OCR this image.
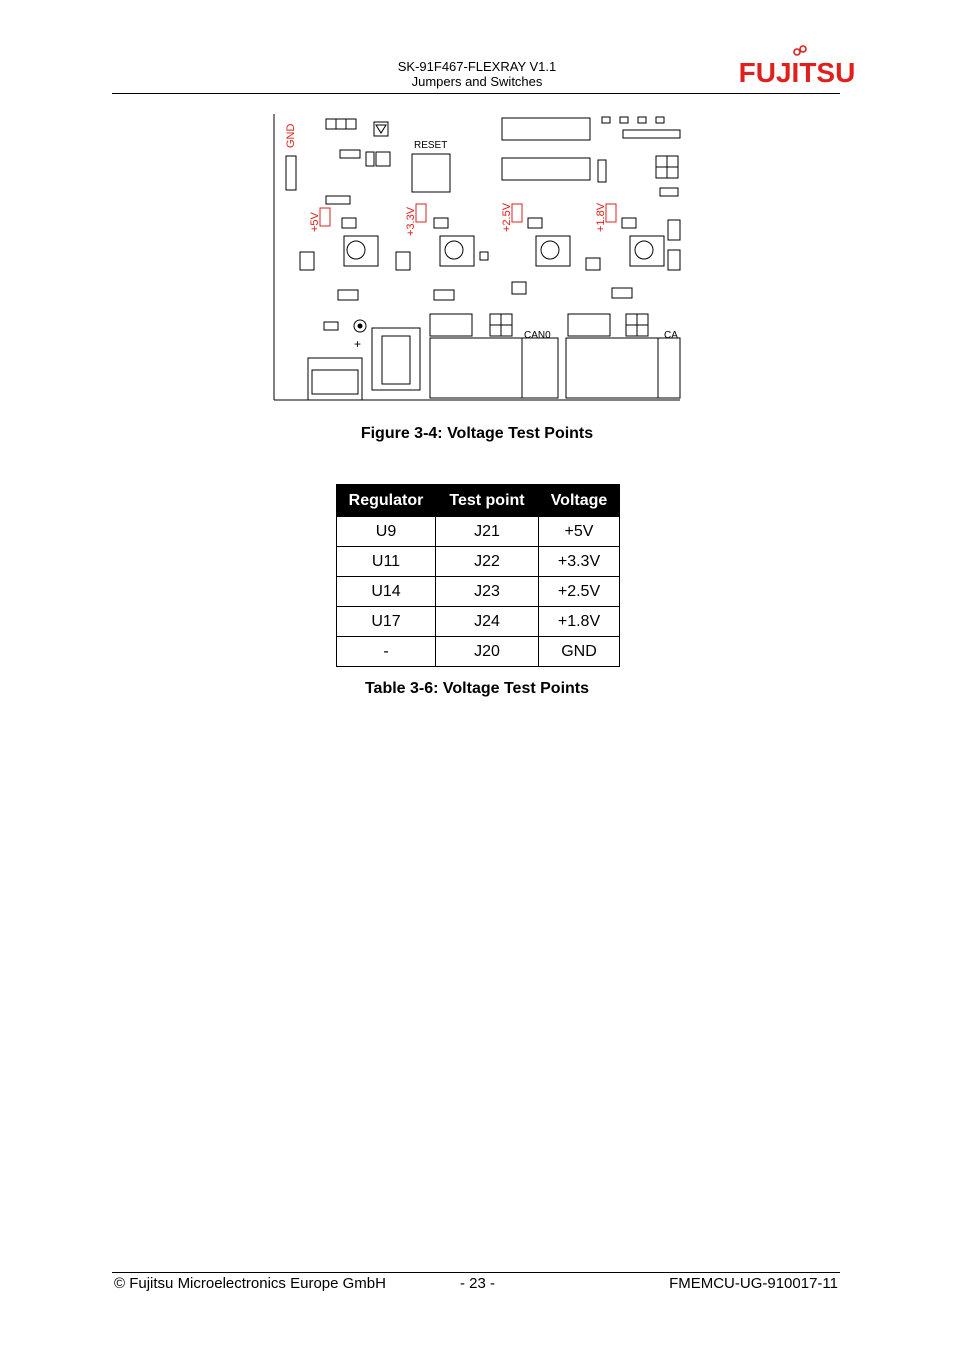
SK-91F467-FLEXRAY V1.1
Jumpers and Switches	FUJITSU
GND
+5V	+3.3V	+2.5V	+1.8V
RESET
CAN0	CA
+
Figure 3-4: Voltage Test Points
Regulator	Test point	Voltage
U9	J21	+5V
U11	J22	+3.3V
U14	J23	+2.5V
U17	J24	+1.8V
-	J20	GND
Table 3-6: Voltage Test Points
© Fujitsu Microelectronics Europe GmbH	- 23 -	FMEMCU-UG-910017-11
